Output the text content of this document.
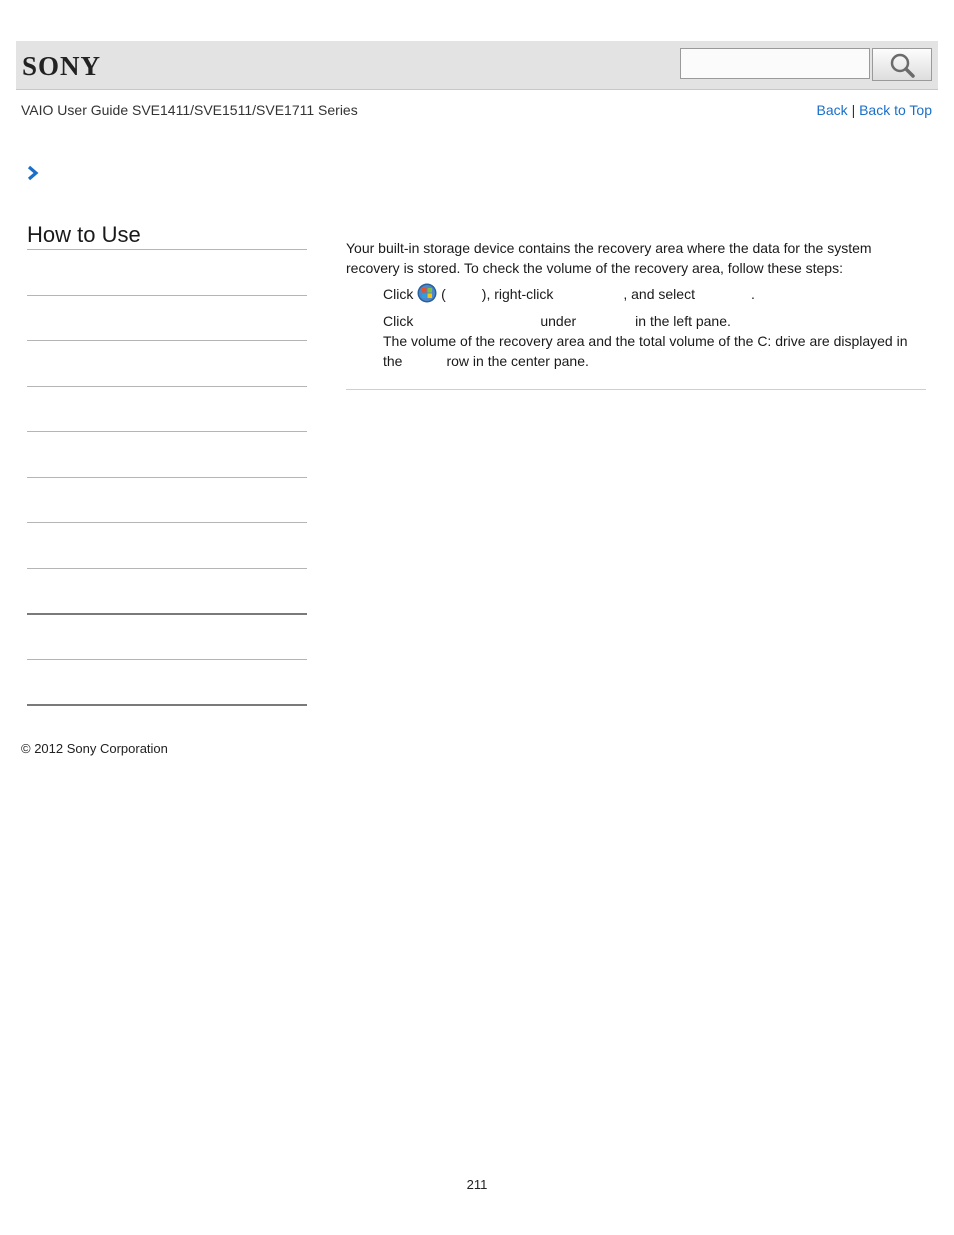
SONY
VAIO User Guide SVE1411/SVE1511/SVE1711 Series	Back | Back to Top
How to Use

Your built-in storage device contains the recovery area where the data for the system recovery is stored. To check the volume of the recovery area, follow these steps:

Click (	), right-click	, and select	.
Click	under	in the left pane.
The volume of the recovery area and the total volume of the C: drive are displayed in
the	row in the center pane.
© 2012 Sony Corporation
211
